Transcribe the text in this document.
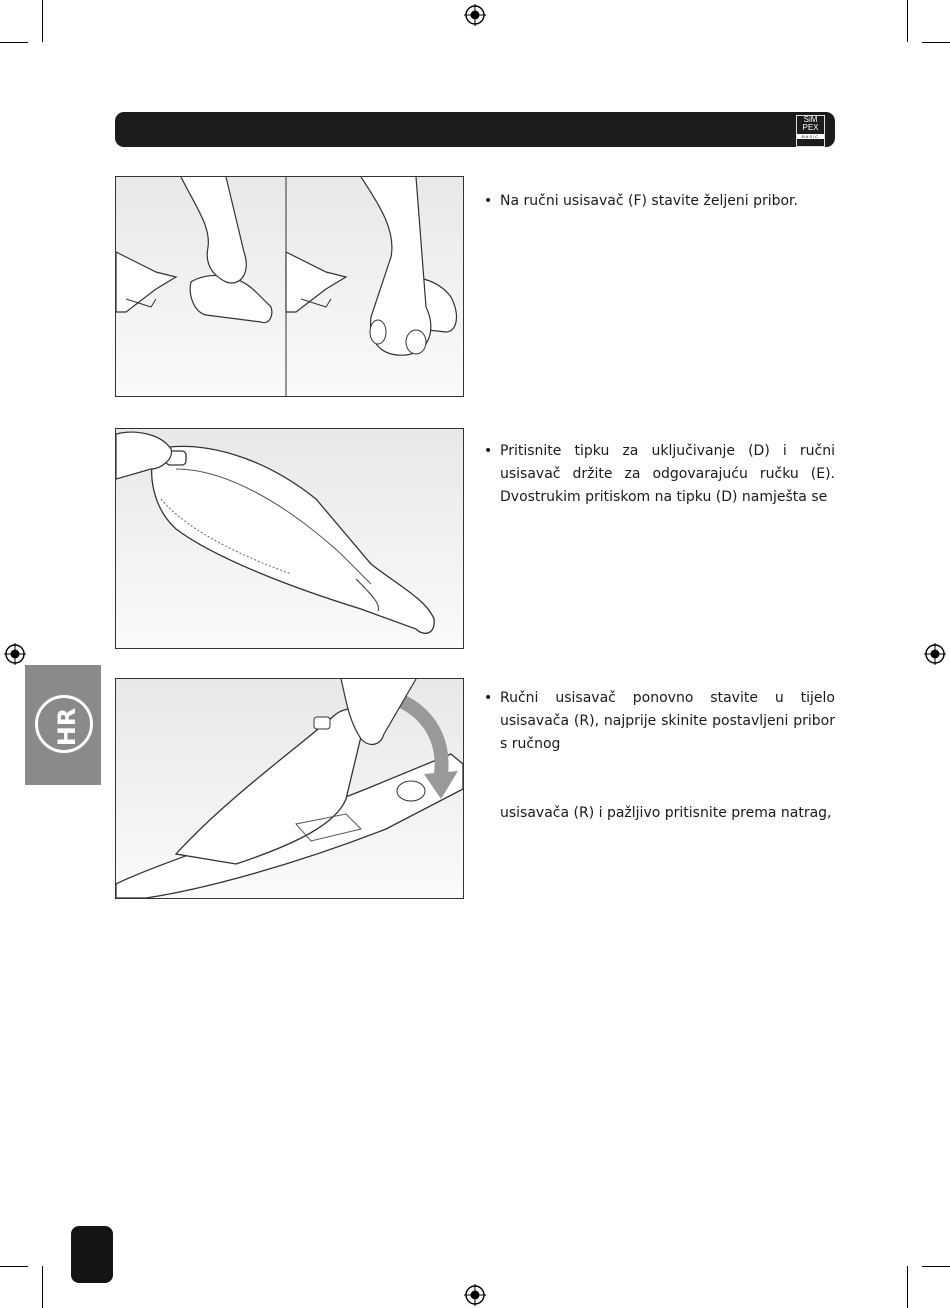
SiM
PEX
BASIC
• Na ručni usisavač (F) stavite željeni pribor.
• Pritisnite tipku za uključivanje (D) i ručni usisavač držite za odgovarajuću ručku (E). Dvostrukim pritiskom na tipku (D) namješta se
• Ručni usisavač ponovno stavite u tijelo usisavača (R), najprije skinite postavljeni pribor s ručnog
usisavača (R) i pažljivo pritisnite prema natrag,
HR
